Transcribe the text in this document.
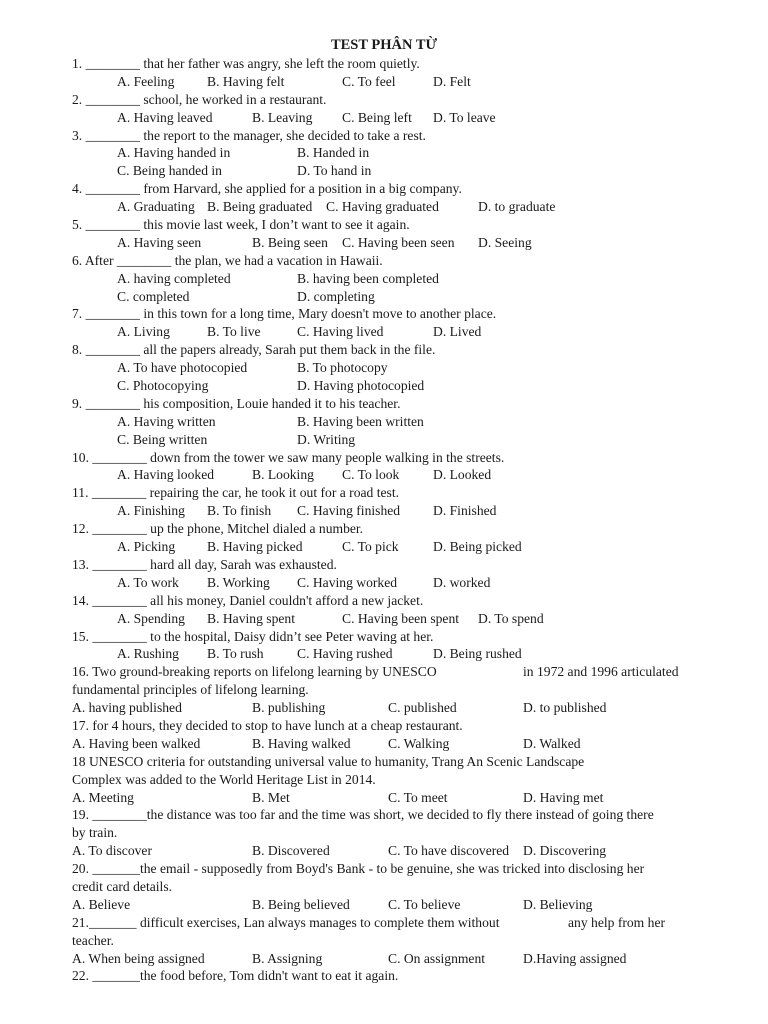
TEST PHÂN TỪ
1. ________ that her father was angry, she left the room quietly.
A. Feeling B. Having felt	C. To feel	D. Felt
2. ________ school, he worked in a restaurant.
A. Having leaved	B. Leaving C. Being left D. To leave
3. ________ the report to the manager, she decided to take a rest.
A. Having handed in	B. Handed in
C. Being handed in	D. To hand in
4. ________ from Harvard, she applied for a position in a big company.
A. Graduating B. Being graduated C. Having graduated	D. to graduate
5. ________ this movie last week, I don’t want to see it again.
A. Having seen	B. Being seen C. Having been seen D. Seeing
6. After ________ the plan, we had a vacation in Hawaii.
A. having completed	B. having been completed
C. completed	D. completing
7. ________ in this town for a long time, Mary doesn't move to another place.
A. Living	B. To live	C. Having lived	D. Lived
8. ________ all the papers already, Sarah put them back in the file.
A. To have photocopied	B. To photocopy
C. Photocopying	D. Having photocopied
9. ________ his composition, Louie handed it to his teacher.
A. Having written	B. Having been written
C. Being written	D. Writing
10. ________ down from the tower we saw many people walking in the streets.
A. Having looked	B. Looking C. To look D. Looked
11. ________ repairing the car, he took it out for a road test.
A. Finishing B. To finish C. Having finished D. Finished
12. ________ up the phone, Mitchel dialed a number.
A. Picking B. Having picked	C. To pick	D. Being picked
13. ________ hard all day, Sarah was exhausted.
A. To work B. Working C. Having worked	D. worked
14. ________ all his money, Daniel couldn't afford a new jacket.
A. Spending B. Having spent	C. Having been spent D. To spend
15. ________ to the hospital, Daisy didn’t see Peter waving at her.
A. Rushing B. To rush C. Having rushed	D. Being rushed
16. Two ground-breaking reports on lifelong learning by UNESCO	in 1972 and 1996 articulated
fundamental principles of lifelong learning.
A. having published	B. publishing	C. published	D. to published
17. for 4 hours, they decided to stop to have lunch at a cheap restaurant.
A. Having been walked	B. Having walked	C. Walking	D. Walked
18 UNESCO criteria for outstanding universal value to humanity, Trang An Scenic Landscape
Complex was added to the World Heritage List in 2014.
A. Meeting	B. Met	C. To meet	D. Having met
19. ________the distance was too far and the time was short, we decided to fly there instead of going there
by train.
A. To discover	B. Discovered	C. To have discovered D. Discovering
20. _______the email - supposedly from Boyd's Bank - to be genuine, she was tricked into disclosing her
credit card details.
A. Believe	B. Being believed	C. To believe	D. Believing
21._______ difficult exercises, Lan always manages to complete them without	any help from her
teacher.
A. When being assigned	B. Assigning	C. On assignment	D.Having assigned
22. _______the food before, Tom didn't want to eat it again.
